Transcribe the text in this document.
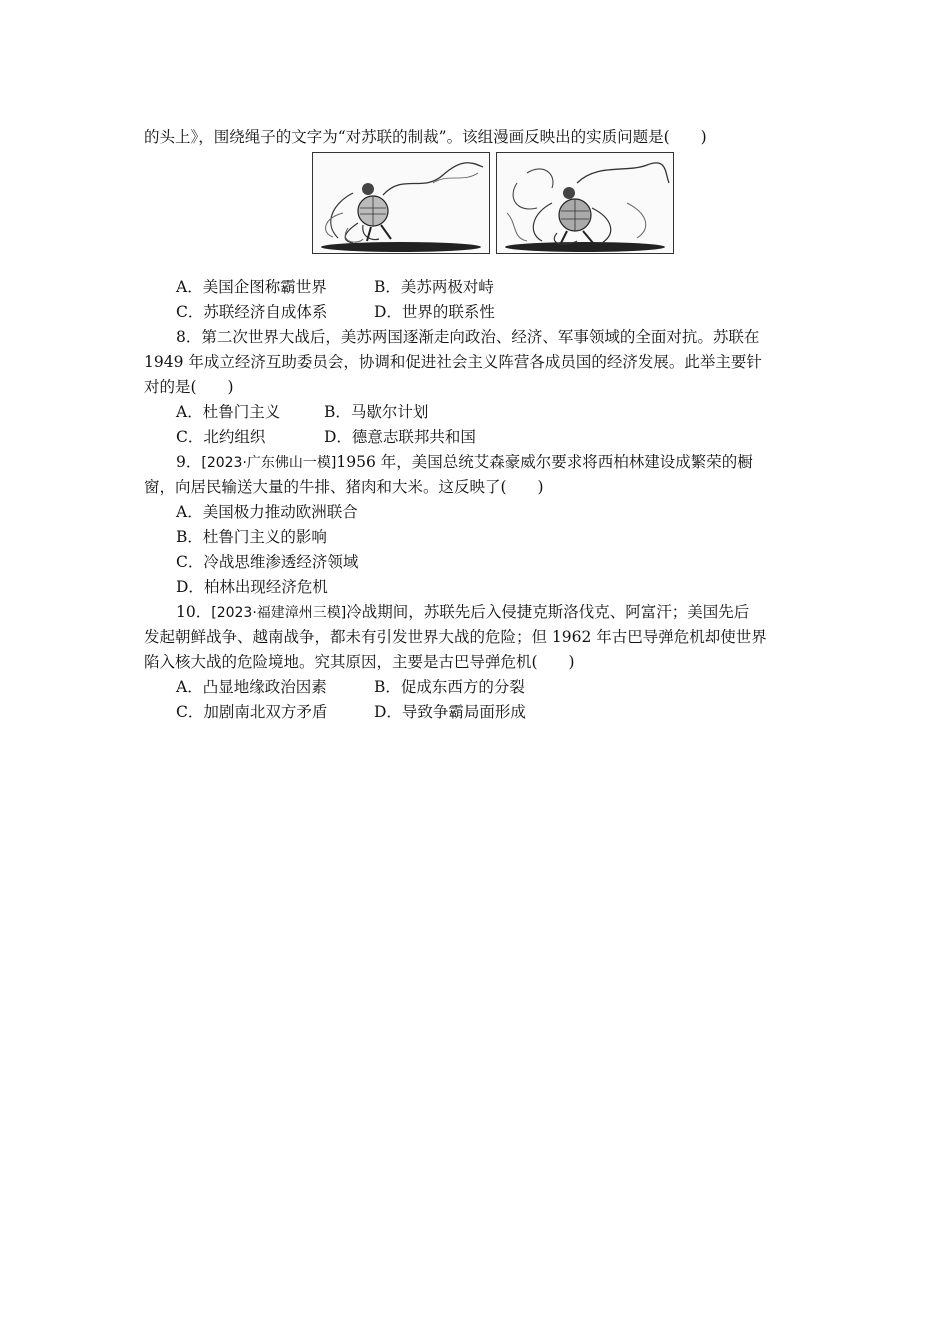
的头上》，围绕绳子的文字为“对苏联的制裁”。该组漫画反映出的实质问题是(　　)
A．美国企图称霸世界	B．美苏两极对峙
C．苏联经济自成体系	D．世界的联系性
8．第二次世界大战后，美苏两国逐渐走向政治、经济、军事领域的全面对抗。苏联在
1949 年成立经济互助委员会，协调和促进社会主义阵营各成员国的经济发展。此举主要针
对的是(　　)
A．杜鲁门主义	B．马歇尔计划
C．北约组织	D．德意志联邦共和国
9．[2023·广东佛山一模]1956 年，美国总统艾森豪威尔要求将西柏林建设成繁荣的橱
窗，向居民输送大量的牛排、猪肉和大米。这反映了(　　)
A．美国极力推动欧洲联合
B．杜鲁门主义的影响
C．冷战思维渗透经济领域
D．柏林出现经济危机
10．[2023·福建漳州三模]冷战期间，苏联先后入侵捷克斯洛伐克、阿富汗；美国先后
发起朝鲜战争、越南战争，都未有引发世界大战的危险；但 1962 年古巴导弹危机却使世界
陷入核大战的危险境地。究其原因，主要是古巴导弹危机(　　)
A．凸显地缘政治因素	B．促成东西方的分裂
C．加剧南北双方矛盾	D．导致争霸局面形成
